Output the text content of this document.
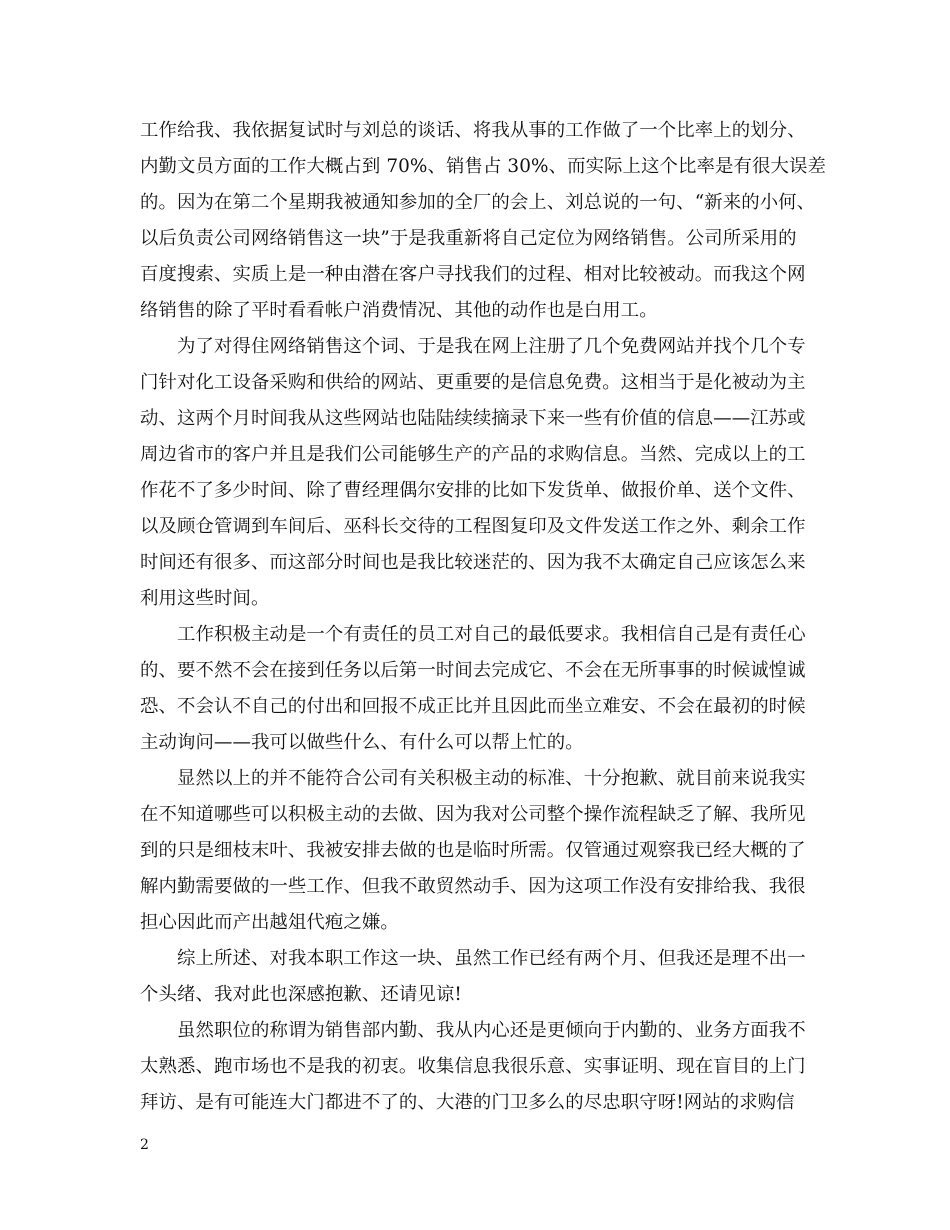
工作给我、我依据复试时与刘总的谈话、将我从事的工作做了一个比率上的划分、
内勤文员方面的工作大概占到 70%、销售占 30%、而实际上这个比率是有很大误差
的。因为在第二个星期我被通知参加的全厂的会上、刘总说的一句、“新来的小何、
以后负责公司网络销售这一块”于是我重新将自己定位为网络销售。公司所采用的
百度搜索、实质上是一种由潜在客户寻找我们的过程、相对比较被动。而我这个网
络销售的除了平时看看帐户消费情况、其他的动作也是白用工。
为了对得住网络销售这个词、于是我在网上注册了几个免费网站并找个几个专
门针对化工设备采购和供给的网站、更重要的是信息免费。这相当于是化被动为主
动、这两个月时间我从这些网站也陆陆续续摘录下来一些有价值的信息——江苏或
周边省市的客户并且是我们公司能够生产的产品的求购信息。当然、完成以上的工
作花不了多少时间、除了曹经理偶尔安排的比如下发货单、做报价单、送个文件、
以及顾仓管调到车间后、巫科长交待的工程图复印及文件发送工作之外、剩余工作
时间还有很多、而这部分时间也是我比较迷茫的、因为我不太确定自己应该怎么来
利用这些时间。
工作积极主动是一个有责任的员工对自己的最低要求。我相信自己是有责任心
的、要不然不会在接到任务以后第一时间去完成它、不会在无所事事的时候诚惶诚
恐、不会认不自己的付出和回报不成正比并且因此而坐立难安、不会在最初的时候
主动询问——我可以做些什么、有什么可以帮上忙的。
显然以上的并不能符合公司有关积极主动的标准、十分抱歉、就目前来说我实
在不知道哪些可以积极主动的去做、因为我对公司整个操作流程缺乏了解、我所见
到的只是细枝末叶、我被安排去做的也是临时所需。仅管通过观察我已经大概的了
解内勤需要做的一些工作、但我不敢贸然动手、因为这项工作没有安排给我、我很
担心因此而产出越俎代疱之嫌。
综上所述、对我本职工作这一块、虽然工作已经有两个月、但我还是理不出一
个头绪、我对此也深感抱歉、还请见谅!
虽然职位的称谓为销售部内勤、我从内心还是更倾向于内勤的、业务方面我不
太熟悉、跑市场也不是我的初衷。收集信息我很乐意、实事证明、现在盲目的上门
拜访、是有可能连大门都进不了的、大港的门卫多么的尽忠职守呀!网站的求购信
2
